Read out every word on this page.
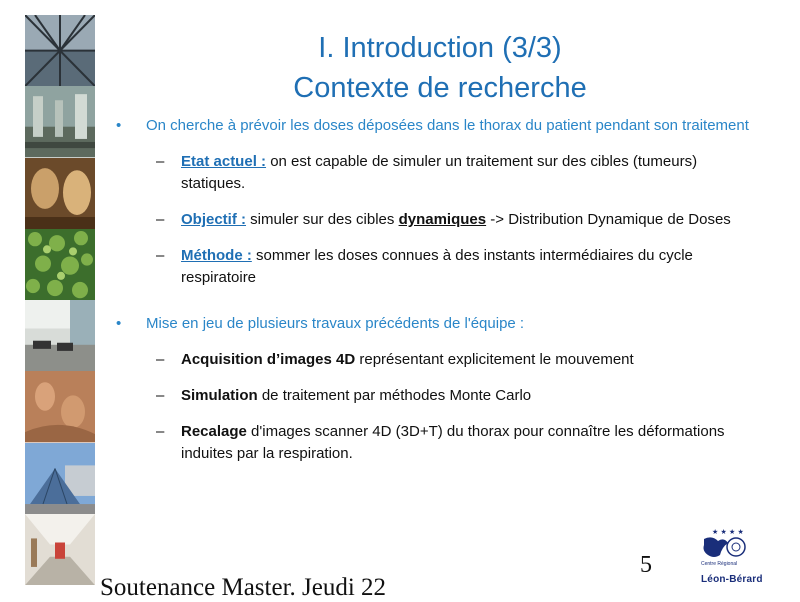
I. Introduction (3/3)
Contexte de recherche
• On cherche à prévoir les doses déposées dans le thorax du patient pendant son traitement
– Etat actuel : on est capable de simuler un traitement sur des cibles (tumeurs) statiques.
– Objectif : simuler sur des cibles dynamiques -> Distribution Dynamique de Doses
– Méthode : sommer les doses connues à des instants intermédiaires du cycle respiratoire
• Mise en jeu de plusieurs travaux précédents de l'équipe :
– Acquisition d’images 4D représentant explicitement le mouvement
– Simulation de traitement par méthodes Monte Carlo
– Recalage d'images scanner 4D (3D+T) du thorax pour connaître les déformations induites par la respiration.
5
Soutenance Master. Jeudi 22
★ ★ ★ ★
Centre Régional
Léon-Bérard
